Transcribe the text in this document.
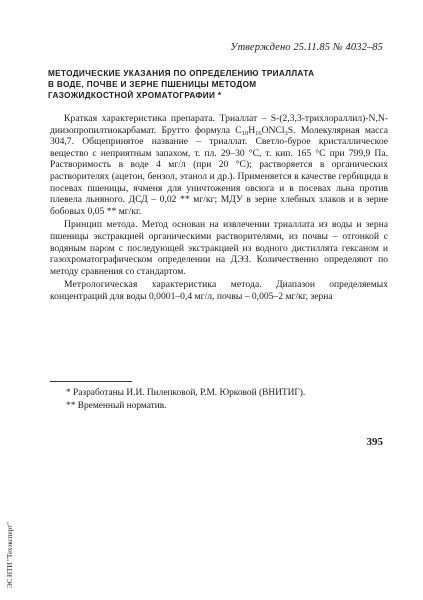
Утверждено 25.11.85 № 4032–85
МЕТОДИЧЕСКИЕ УКАЗАНИЯ ПО ОПРЕДЕЛЕНИЮ ТРИАЛЛАТА
В ВОДЕ, ПОЧВЕ И ЗЕРНЕ ПШЕНИЦЫ МЕТОДОМ
ГАЗОЖИДКОСТНОЙ ХРОМАТОГРАФИИ *

Краткая характеристика препарата. Триаллат – S-(2,3,3-трихлораллил)-N,N-диизопропилтиокарбамат. Брутто формула $C_{10}H_{16}ONCl_3S$. Молекулярная масса 304,7. Общепринятое название – триаллат. Светло-бурое кристаллическое вещество с неприятным запахом, т. пл. 29–30 °С, т. кип. 165 °С при 799,9 Па. Растворимость в воде 4 мг/л (при 20 °С); растворяется в органических растворителях (ацетон, бензол, этанол и др.). Применяется в качестве гербицида в посевах пшеницы, ячменя для уничтожения овсюга и в посевах льна против плевела льняного. ДСД – 0,02 ** мг/кг; МДУ в зерне хлебных злаков и в зерне бобовых 0,05 ** мг/кг.

Принцип метода. Метод основан на извлечении триаллата из воды и зерна пшеницы экстракцией органическими растворителями, из почвы – отгонкой с водяным паром с последующей экстракцией из водного дистиллята гексаном и газохроматографическом определении на ДЭЗ. Количественно определяют по методу сравнения со стандартом.

Метрологическая характеристика метода. Диапазон определяемых концентраций для воды 0,0001–0,4 мг/л, почвы – 0,005–2 мг/кг, зерна

* Разработаны И.И. Пилепковой, Р.М. Юрковой (ВНИТИГ).
** Временный норматив.
395
ЭС НТИ "Техэксперт"
